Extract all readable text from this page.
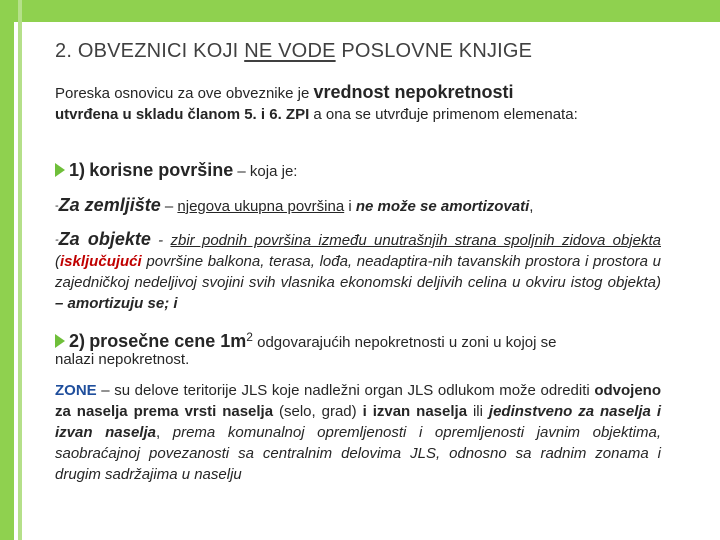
2. OBVEZNICI KOJI NE VODE POSLOVNE KNJIGE
Poreska osnovicu za ove obveznike je vrednost nepokretnosti
utvrđena u skladu članom 5. i 6. ZPI a ona se utvrđuje primenom elemenata:
1) korisne površine – koja je:
-Za zemljište – njegova ukupna površina i ne može se amortizovati,
-Za objekte - zbir podnih površina između unutrašnjih strana spoljnih zidova objekta (isključujući površine balkona, terasa, lođa, neadaptira-nih tavanskih prostora i prostora u zajedničkoj nedeljivoj svojini svih vlasnika ekonomski deljivih celina u okviru istog objekta) – amortizuju se; i
2) prosečne cene $1m^2$ odgovarajućih nepokretnosti u zoni u kojoj se
nalazi nepokretnost.
ZONE – su delove teritorije JLS koje nadležni organ JLS odlukom može odrediti odvojeno za naselja prema vrsti naselja (selo, grad) i izvan naselja ili jedinstveno za naselja i izvan naselja, prema komunalnoj opremljenosti i opremljenosti javnim objektima, saobraćajnoj povezanosti sa centralnim delovima JLS, odnosno sa radnim zonama i drugim sadržajima u naselju
